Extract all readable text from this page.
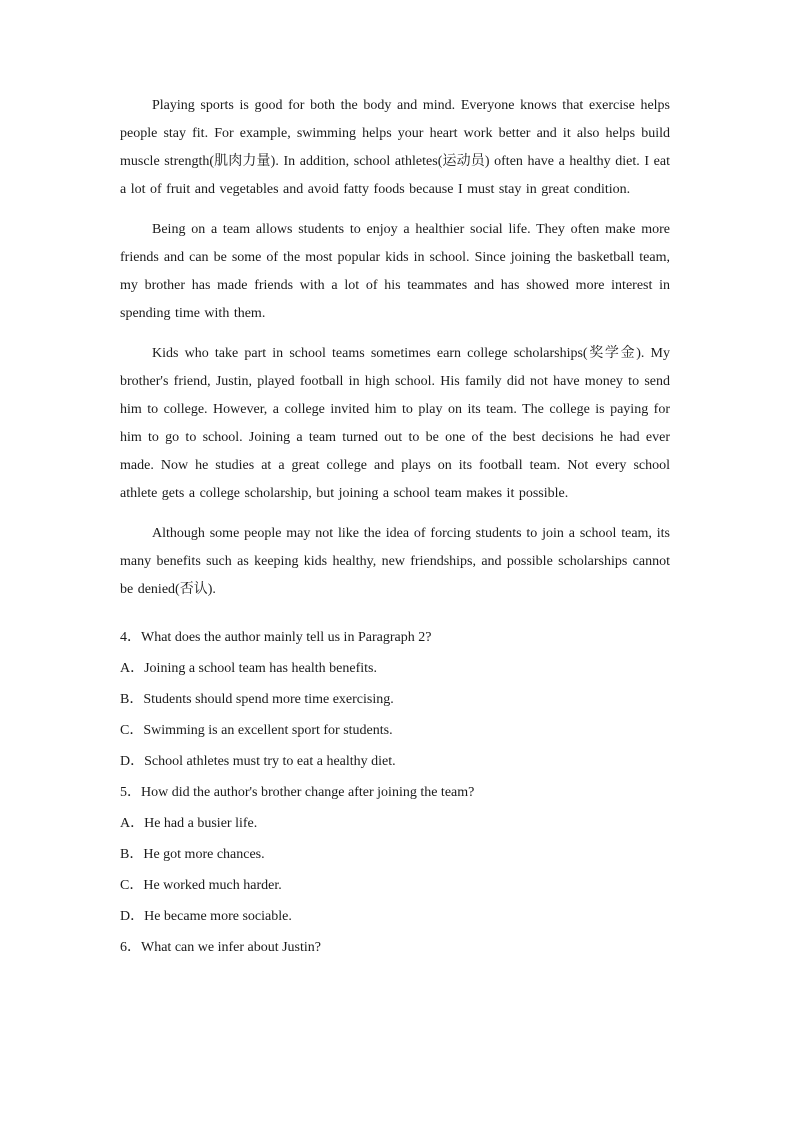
Playing sports is good for both the body and mind. Everyone knows that exercise helps people stay fit. For example, swimming helps your heart work better and it also helps build muscle strength(肌肉力量). In addition, school athletes(运动员) often have a healthy diet. I eat a lot of fruit and vegetables and avoid fatty foods because I must stay in great condition.

Being on a team allows students to enjoy a healthier social life. They often make more friends and can be some of the most popular kids in school. Since joining the basketball team, my brother has made friends with a lot of his teammates and has showed more interest in spending time with them.

Kids who take part in school teams sometimes earn college scholarships(奖学金). My brother's friend, Justin, played football in high school. His family did not have money to send him to college. However, a college invited him to play on its team. The college is paying for him to go to school. Joining a team turned out to be one of the best decisions he had ever made. Now he studies at a great college and plays on its football team. Not every school athlete gets a college scholarship, but joining a school team makes it possible.

Although some people may not like the idea of forcing students to join a school team, its many benefits such as keeping kids healthy, new friendships, and possible scholarships cannot be denied(否认).

4．What does the author mainly tell us in Paragraph 2?

A．Joining a school team has health benefits.

B．Students should spend more time exercising.

C．Swimming is an excellent sport for students.

D．School athletes must try to eat a healthy diet.

5．How did the author's brother change after joining the team?

A．He had a busier life.

B．He got more chances.

C．He worked much harder.

D．He became more sociable.

6．What can we infer about Justin?
